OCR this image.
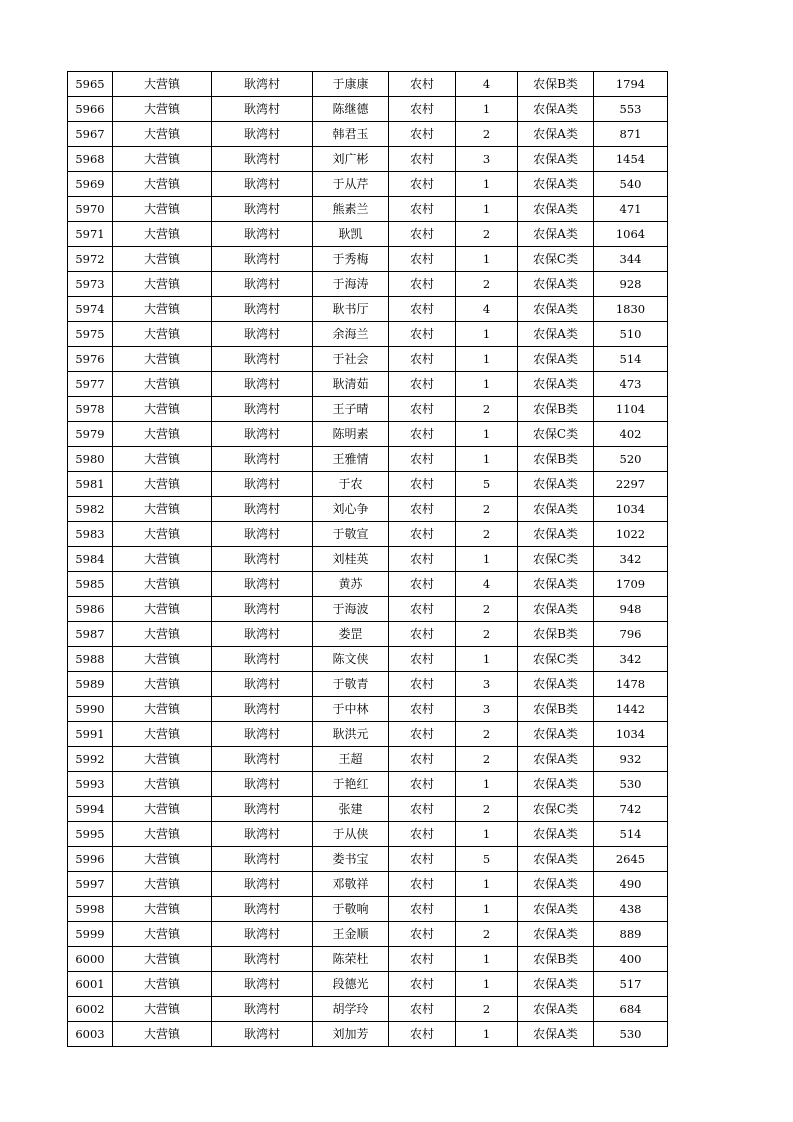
5965	大营镇	耿湾村	于康康	农村	4	农保B类	1794
5966	大营镇	耿湾村	陈继德	农村	1	农保A类	553
5967	大营镇	耿湾村	韩君玉	农村	2	农保A类	871
5968	大营镇	耿湾村	刘广彬	农村	3	农保A类	1454
5969	大营镇	耿湾村	于从芹	农村	1	农保A类	540
5970	大营镇	耿湾村	熊素兰	农村	1	农保A类	471
5971	大营镇	耿湾村	耿凯	农村	2	农保A类	1064
5972	大营镇	耿湾村	于秀梅	农村	1	农保C类	344
5973	大营镇	耿湾村	于海涛	农村	2	农保A类	928
5974	大营镇	耿湾村	耿书厅	农村	4	农保A类	1830
5975	大营镇	耿湾村	余海兰	农村	1	农保A类	510
5976	大营镇	耿湾村	于社会	农村	1	农保A类	514
5977	大营镇	耿湾村	耿清茹	农村	1	农保A类	473
5978	大营镇	耿湾村	王子晴	农村	2	农保B类	1104
5979	大营镇	耿湾村	陈明素	农村	1	农保C类	402
5980	大营镇	耿湾村	王雅情	农村	1	农保B类	520
5981	大营镇	耿湾村	于农	农村	5	农保A类	2297
5982	大营镇	耿湾村	刘心争	农村	2	农保A类	1034
5983	大营镇	耿湾村	于敬宣	农村	2	农保A类	1022
5984	大营镇	耿湾村	刘桂英	农村	1	农保C类	342
5985	大营镇	耿湾村	黄苏	农村	4	农保A类	1709
5986	大营镇	耿湾村	于海波	农村	2	农保A类	948
5987	大营镇	耿湾村	娄罡	农村	2	农保B类	796
5988	大营镇	耿湾村	陈文侠	农村	1	农保C类	342
5989	大营镇	耿湾村	于敬青	农村	3	农保A类	1478
5990	大营镇	耿湾村	于中林	农村	3	农保B类	1442
5991	大营镇	耿湾村	耿洪元	农村	2	农保A类	1034
5992	大营镇	耿湾村	王超	农村	2	农保A类	932
5993	大营镇	耿湾村	于艳红	农村	1	农保A类	530
5994	大营镇	耿湾村	张建	农村	2	农保C类	742
5995	大营镇	耿湾村	于从侠	农村	1	农保A类	514
5996	大营镇	耿湾村	娄书宝	农村	5	农保A类	2645
5997	大营镇	耿湾村	邓敬祥	农村	1	农保A类	490
5998	大营镇	耿湾村	于敬响	农村	1	农保A类	438
5999	大营镇	耿湾村	王金顺	农村	2	农保A类	889
6000	大营镇	耿湾村	陈荣杜	农村	1	农保B类	400
6001	大营镇	耿湾村	段德光	农村	1	农保A类	517
6002	大营镇	耿湾村	胡学玲	农村	2	农保A类	684
6003	大营镇	耿湾村	刘加芳	农村	1	农保A类	530
